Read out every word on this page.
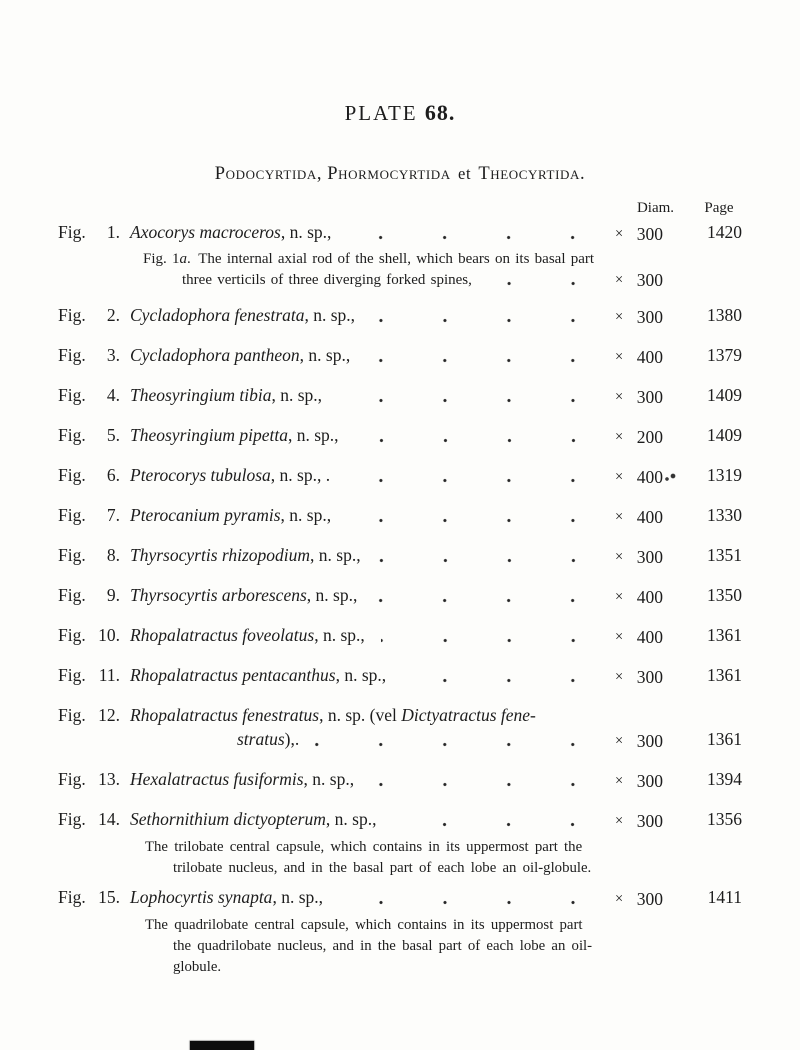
PLATE 68.
Podocyrtida, Phormocyrtida et Theocyrtida.
Diam.	Page
Fig.	1. Axocorys macroceros, n. sp.,	× 300	1420
Fig. 1a. The internal axial rod of the shell, which bears on its basal part
three verticils of three diverging forked spines,	× 300
Fig.	2. Cycladophora fenestrata, n. sp.,	× 300	1380
Fig.	3. Cycladophora pantheon, n. sp.,	× 400	1379
Fig.	4. Theosyringium tibia, n. sp.,	× 300	1409
Fig.	5. Theosyringium pipetta, n. sp.,	× 200	1409
Fig.	6. Pterocorys tubulosa, n. sp., .	× 400	1319
Fig.	7. Pterocanium pyramis, n. sp.,	× 400	1330
Fig.	8. Thyrsocyrtis rhizopodium, n. sp.,	× 300	1351
Fig.	9. Thyrsocyrtis arborescens, n. sp.,	× 400	1350
Fig. 10. Rhopalatractus foveolatus, n. sp.,	× 400	1361
Fig. 11. Rhopalatractus pentacanthus, n. sp.,	× 300	1361
Fig. 12. Rhopalatractus fenestratus, n. sp. (vel Dictyatractus fene-
stratus),.	× 300	1361
Fig. 13. Hexalatractus fusiformis, n. sp.,	× 300	1394
Fig. 14. Sethornithium dictyopterum, n. sp.,	× 300	1356
The trilobate central capsule, which contains in its uppermost part the
trilobate nucleus, and in the basal part of each lobe an oil-globule.
Fig. 15. Lophocyrtis synapta, n. sp.,	× 300	1411
The quadrilobate central capsule, which contains in its uppermost part
the quadrilobate nucleus, and in the basal part of each lobe an oil-
globule.
